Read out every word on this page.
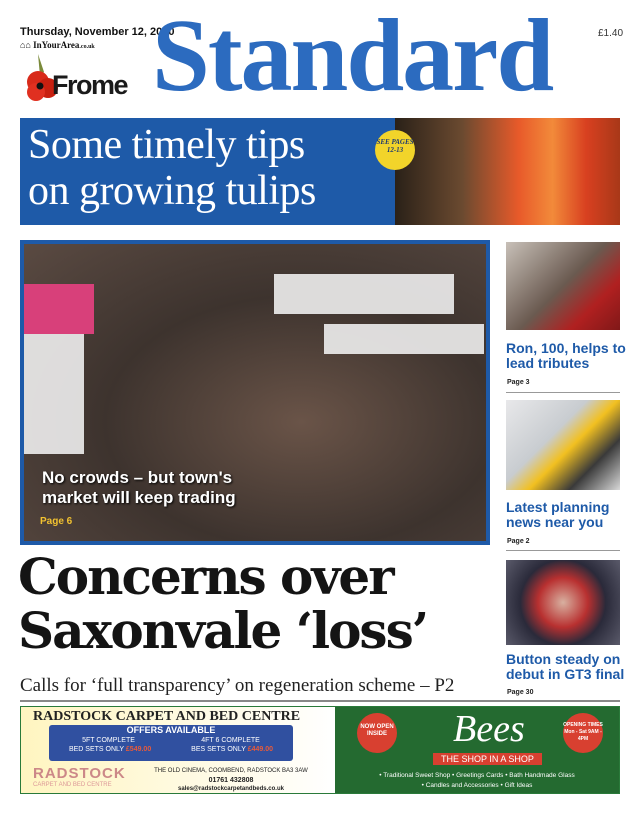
Thursday, November 12, 2020
⌂⌂ InYourArea.co.uk
£1.40
Frome Standard
Some timely tips
on growing tulips
SEE PAGES 12-13
No crowds – but town's
market will keep trading
Page 6
Ron, 100, helps to lead tributes
Page 3
Latest planning news near you
Page 2
Button steady on debut in GT3 final
Page 30
Concerns over
Saxonvale ‘loss’
Calls for ‘full transparency’ on regeneration scheme – P2
RADSTOCK CARPET AND BED CENTRE
OFFERS AVAILABLE
5FT COMPLETE	4FT 6 COMPLETE
BED SETS ONLY £549.00	BES SETS ONLY £449.00
RADSTOCK
CARPET AND BED CENTRE
THE OLD CINEMA, COOMBEND, RADSTOCK BA3 3AW
01761 432808
sales@radstockcarpetandbeds.co.uk
NOW OPEN INSIDE Bees	OPENING TIMES Mon - Sat 9AM - 4PM
THE SHOP IN A SHOP
• Traditional Sweet Shop • Greetings Cards • Bath Handmade Glass
• Candles and Accessories • Gift Ideas
